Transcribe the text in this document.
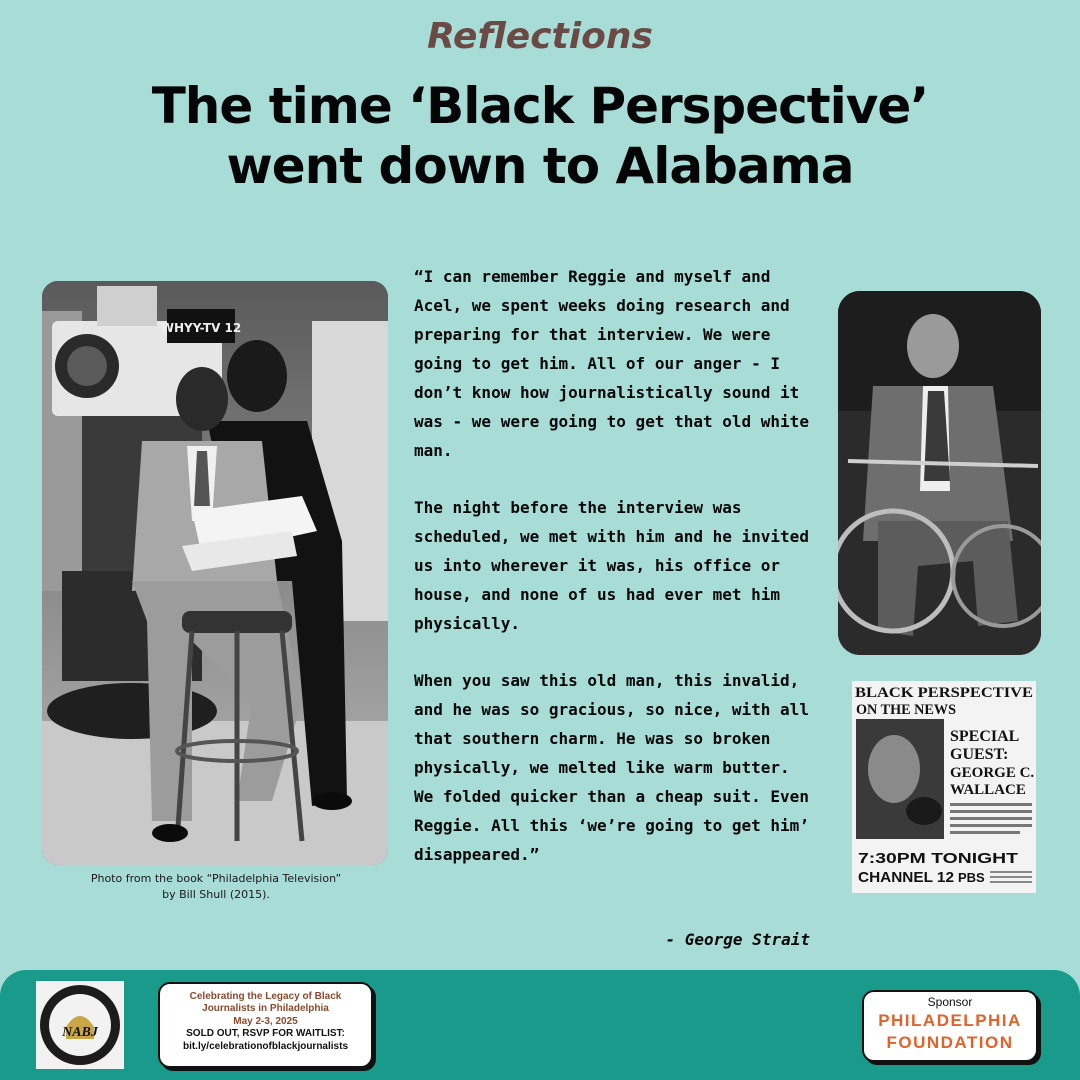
Reflections
The time ‘Black Perspective’
went down to Alabama
WHYY-TV 12
Photo from the book “Philadelphia Television”
by Bill Shull (2015).

“I can remember Reggie and myself and Acel, we spent weeks doing research and preparing for that interview. We were going to get him. All of our anger - I don’t know how journalistically sound it was - we were going to get that old white man.

The night before the interview was scheduled, we met with him and he invited us into wherever it was, his office or house, and none of us had ever met him physically.

When you saw this old man, this invalid, and he was so gracious, so nice, with all that southern charm. He was so broken physically, we melted like warm butter. We folded quicker than a cheap suit. Even Reggie. All this ‘we’re going to get him’ disappeared.”

- George Strait
BLACK PERSPECTIVE
ON THE NEWS
SPECIAL
GUEST:
GEORGE C.
WALLACE
7:30PM TONIGHT
CHANNEL 12 PBS
NABJ
Celebrating the Legacy of Black
Journalists in Philadelphia
May 2-3, 2025
SOLD OUT, RSVP FOR WAITLIST:
bit.ly/celebrationofblackjournalists
Sponsor
PHILADELPHIA
FOUNDATION
